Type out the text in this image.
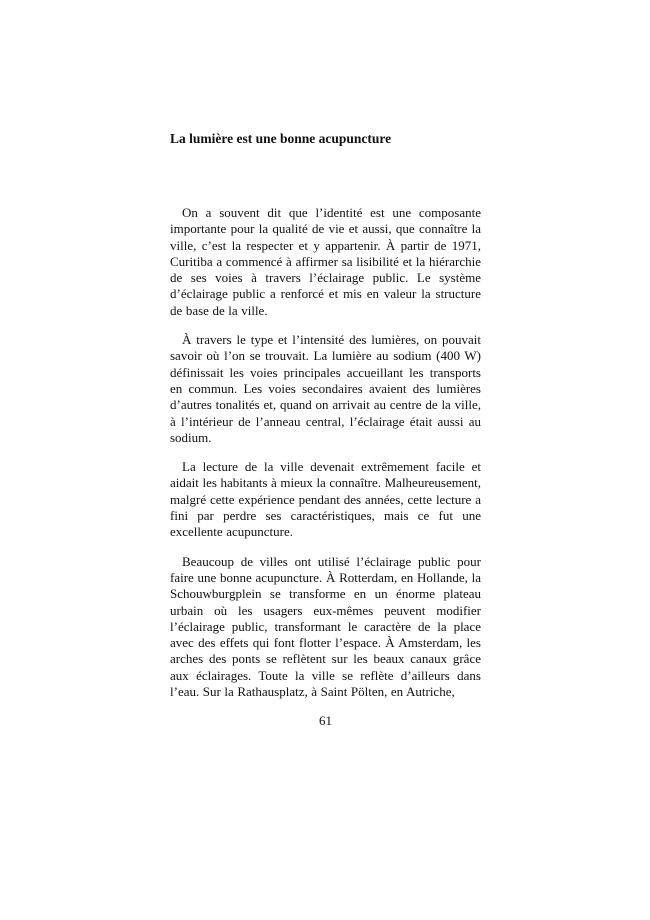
La lumière est une bonne acupuncture

On a souvent dit que l’identité est une composante importante pour la qualité de vie et aussi, que connaître la ville, c’est la respecter et y appartenir. À partir de 1971, Curitiba a commencé à affirmer sa lisibilité et la hiérarchie de ses voies à travers l’éclairage public. Le système d’éclairage public a renforcé et mis en valeur la structure de base de la ville.

À travers le type et l’intensité des lumières, on pouvait savoir où l’on se trouvait. La lumière au sodium (400 W) définissait les voies principales accueillant les transports en commun. Les voies secondaires avaient des lumières d’autres tonalités et, quand on arrivait au centre de la ville, à l’intérieur de l’anneau central, l’éclairage était aussi au sodium.

La lecture de la ville devenait extrêmement facile et aidait les habitants à mieux la connaître. Malheureusement, malgré cette expérience pendant des années, cette lecture a fini par perdre ses caractéristiques, mais ce fut une excellente acupuncture.

Beaucoup de villes ont utilisé l’éclairage public pour faire une bonne acupuncture. À Rotterdam, en Hollande, la Schouwburgplein se transforme en un énorme plateau urbain où les usagers eux-mêmes peuvent modifier l’éclairage public, transformant le caractère de la place avec des effets qui font flotter l’espace. À Amsterdam, les arches des ponts se reflètent sur les beaux canaux grâce aux éclairages. Toute la ville se reflète d’ailleurs dans l’eau. Sur la Rathausplatz, à Saint Pölten, en Autriche,

61
